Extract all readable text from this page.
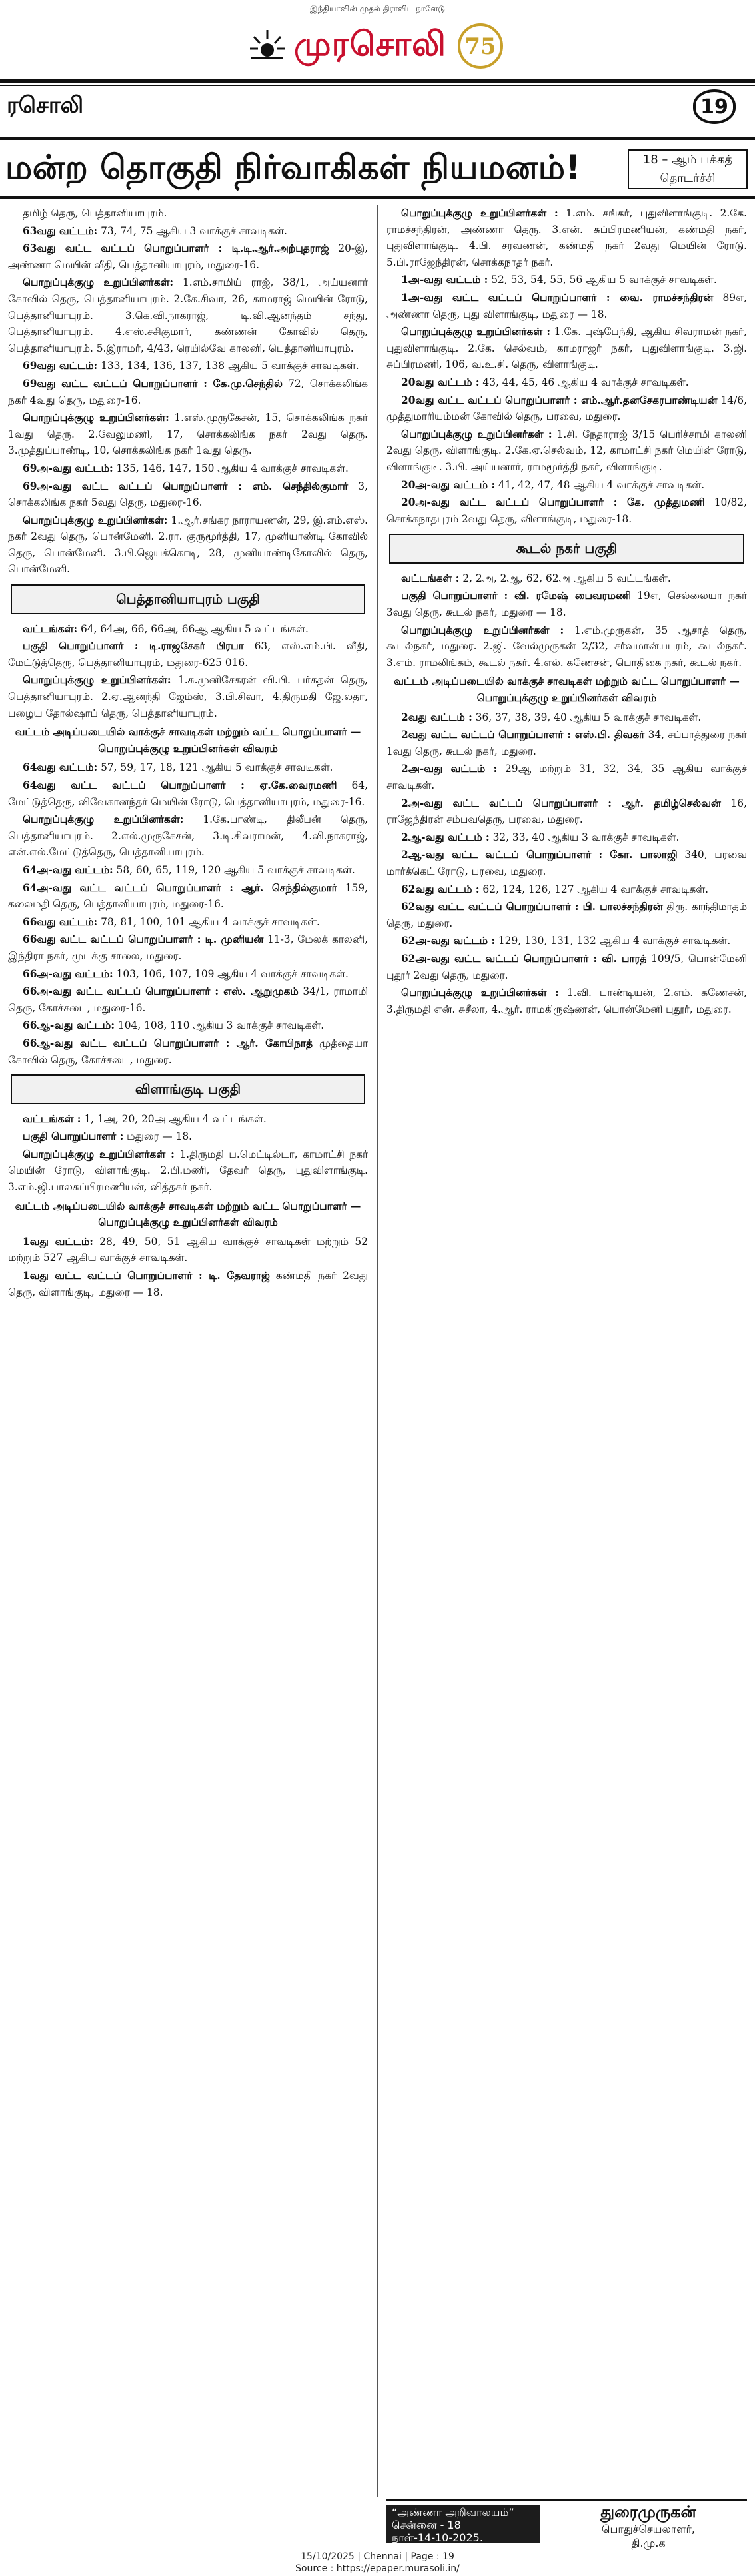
இந்தியாவின் முதல் திராவிட நாளேடு
முரசொலி 75
ரசொலி	19
மன்ற தொகுதி நிர்வாகிகள் நியமனம்!	18 – ஆம் பக்கத்
தொடர்ச்சி

தமிழ் தெரு, பெத்தானியாபுரம்.

63வது வட்டம்: 73, 74, 75 ஆகிய 3 வாக்குச் சாவடிகள்.

63வது வட்ட வட்டப் பொறுப்பாளர் : டி.டி.ஆர்.அற்புதராஜ் 20-இ, அண்ணா மெயின் வீதி, பெத்தானியாபுரம், மதுரை-16.

பொறுப்புக்குழு உறுப்பினர்கள்: 1.எம்.சாமிய் ராஜ், 38/1, அய்யனார் கோவில் தெரு, பெத்தானியாபுரம். 2.கே.சிவா, 26, காமராஜ் மெயின் ரோடு, பெத்தானியாபுரம். 3.கெ.வி.நாகராஜ், டி.வி.ஆனந்தம் சந்து, பெத்தானியாபுரம். 4.எஸ்.சசிகுமார், கண்ணன் கோவில் தெரு, பெத்தானியாபுரம். 5.இராமர், 4/43, ரெயில்வே காலனி, பெத்தானியாபுரம்.

69வது வட்டம்: 133, 134, 136, 137, 138 ஆகிய 5 வாக்குச் சாவடிகள்.

69வது வட்ட வட்டப் பொறுப்பாளர் : கே.மு.செந்தில் 72, சொக்கலிங்க நகர் 4வது தெரு, மதுரை-16.

பொறுப்புக்குழு உறுப்பினர்கள்: 1.எஸ்.முருகேசன், 15, சொக்கலிங்க நகர் 1வது தெரு. 2.வேலுமணி, 17, சொக்கலிங்க நகர் 2வது தெரு. 3.முத்துப்பாண்டி, 10, சொக்கலிங்க நகர் 1வது தெரு.

69அ-வது வட்டம்: 135, 146, 147, 150 ஆகிய 4 வாக்குச் சாவடிகள்.

69அ-வது வட்ட வட்டப் பொறுப்பாளர் : எம். செந்தில்குமார் 3, சொக்கலிங்க நகர் 5வது தெரு, மதுரை-16.

பொறுப்புக்குழு உறுப்பினர்கள்: 1.ஆர்.சங்கர நாராயணன், 29, இ.எம்.எஸ். நகர் 2வது தெரு, பொன்மேனி. 2.ரா. குருமூர்த்தி, 17, முனியாண்டி கோவில் தெரு, பொன்மேனி. 3.பி.ஜெயக்கொடி, 28, முனியாண்டிகோவில் தெரு, பொன்மேனி.

பெத்தானியாபுரம் பகுதி

வட்டங்கள்: 64, 64அ, 66, 66அ, 66ஆ ஆகிய 5 வட்டங்கள்.

பகுதி பொறுப்பாளர் : டி.ராஜசேகர் பிரபா 63, எஸ்.எம்.பி. வீதி, மேட்டுத்தெரு, பெத்தானியாபுரம், மதுரை-625 016.

பொறுப்புக்குழு உறுப்பினர்கள்: 1.சு.முனிசேகரன் வி.பி. பர்கதன் தெரு, பெத்தானியாபுரம். 2.ஏ.ஆனந்தி ஜேம்ஸ், 3.பி.சிவா, 4.திருமதி ஜே.லதா, பழைய தோல்ஷாப் தெரு, பெத்தானியாபுரம்.

வட்டம் அடிப்படையில் வாக்குச் சாவடிகள் மற்றும் வட்ட பொறுப்பாளர் — பொறுப்புக்குழு உறுப்பினர்கள் விவரம்

64வது வட்டம்: 57, 59, 17, 18, 121 ஆகிய 5 வாக்குச் சாவடிகள்.

64வது வட்ட வட்டப் பொறுப்பாளர் : ஏ.கே.வைரமணி 64, மேட்டுத்தெரு, விவேகானந்தர் மெயின் ரோடு, பெத்தானியாபுரம், மதுரை-16.

பொறுப்புக்குழு உறுப்பினர்கள்: 1.கே.பாண்டி, திலீபன் தெரு, பெத்தானியாபுரம். 2.எல்.முருகேசன், 3.டி.சிவராமன், 4.வி.நாகராஜ், என்.எல்.மேட்டுத்தெரு, பெத்தானியாபுரம்.

64அ-வது வட்டம்: 58, 60, 65, 119, 120 ஆகிய 5 வாக்குச் சாவடிகள்.

64அ-வது வட்ட வட்டப் பொறுப்பாளர் : ஆர். செந்தில்குமார் 159, கலைமதி தெரு, பெத்தானியாபுரம், மதுரை-16.

66வது வட்டம்: 78, 81, 100, 101 ஆகிய 4 வாக்குச் சாவடிகள்.

66வது வட்ட வட்டப் பொறுப்பாளர் : டி. முனியன் 11-3, மேலக் காலனி, இந்திரா நகர், முடக்கு சாலை, மதுரை.

66அ-வது வட்டம்: 103, 106, 107, 109 ஆகிய 4 வாக்குச் சாவடிகள்.

66அ-வது வட்ட வட்டப் பொறுப்பாளர் : எஸ். ஆறுமுகம் 34/1, ராமாமி தெரு, கோச்சடை, மதுரை-16.

66ஆ-வது வட்டம்: 104, 108, 110 ஆகிய 3 வாக்குச் சாவடிகள்.

66ஆ-வது வட்ட வட்டப் பொறுப்பாளர் : ஆர். கோபிநாத் முத்தையா கோவில் தெரு, கோச்சடை, மதுரை.

விளாங்குடி பகுதி

வட்டங்கள் : 1, 1அ, 20, 20அ ஆகிய 4 வட்டங்கள்.

பகுதி பொறுப்பாளர் : மதுரை — 18.

பொறுப்புக்குழு உறுப்பினர்கள் : 1.திருமதி ப.மெட்டில்டா, காமாட்சி நகர் மெயின் ரோடு, விளாங்குடி. 2.பி.மணி, தேவர் தெரு, புதுவிளாங்குடி. 3.எம்.ஜி.பாலசுப்பிரமணியன், வித்தகர் நகர்.

வட்டம் அடிப்படையில் வாக்குச் சாவடிகள் மற்றும் வட்ட பொறுப்பாளர் — பொறுப்புக்குழு உறுப்பினர்கள் விவரம்

1வது வட்டம்: 28, 49, 50, 51 ஆகிய வாக்குச் சாவடிகள் மற்றும் 52 மற்றும் 527 ஆகிய வாக்குச் சாவடிகள்.

1வது வட்ட வட்டப் பொறுப்பாளர் : டி. தேவராஜ் கண்மதி நகர் 2வது தெரு, விளாங்குடி, மதுரை — 18.

பொறுப்புக்குழு உறுப்பினர்கள் : 1.எம். சங்கர், புதுவிளாங்குடி. 2.கே. ராமச்சந்திரன், அண்ணா தெரு. 3.என். சுப்பிரமணியன், கண்மதி நகர், புதுவிளாங்குடி. 4.பி. சரவணன், கண்மதி நகர் 2வது மெயின் ரோடு. 5.பி.ராஜேந்திரன், சொக்கநாதர் நகர்.

1அ-வது வட்டம் : 52, 53, 54, 55, 56 ஆகிய 5 வாக்குச் சாவடிகள்.

1அ-வது வட்ட வட்டப் பொறுப்பாளர் : வை. ராமச்சந்திரன் 89எ, அண்ணா தெரு, புது விளாங்குடி, மதுரை — 18.

பொறுப்புக்குழு உறுப்பினர்கள் : 1.கே. புஷ்பேந்தி, ஆகிய சிவராமன் நகர், புதுவிளாங்குடி. 2.கே. செல்வம், காமராஜர் நகர், புதுவிளாங்குடி. 3.ஜி. சுப்பிரமணி, 106, வ.உ.சி. தெரு, விளாங்குடி.

20வது வட்டம் : 43, 44, 45, 46 ஆகிய 4 வாக்குச் சாவடிகள்.

20வது வட்ட வட்டப் பொறுப்பாளர் : எம்.ஆர்.தனசேகரபாண்டியன் 14/6, முத்துமாரியம்மன் கோவில் தெரு, பரவை, மதுரை.

பொறுப்புக்குழு உறுப்பினர்கள் : 1.சி. நேதாராஜ் 3/15 பெரிச்சாமி காலனி 2வது தெரு, விளாங்குடி. 2.கே.ஏ.செல்வம், 12, காமாட்சி நகர் மெயின் ரோடு, விளாங்குடி. 3.பி. அய்யனார், ராமமூர்த்தி நகர், விளாங்குடி.

20அ-வது வட்டம் : 41, 42, 47, 48 ஆகிய 4 வாக்குச் சாவடிகள்.

20அ-வது வட்ட வட்டப் பொறுப்பாளர் : கே. முத்துமணி 10/82, சொக்கநாதபுரம் 2வது தெரு, விளாங்குடி, மதுரை-18.

கூடல் நகர் பகுதி

வட்டங்கள் : 2, 2அ, 2ஆ, 62, 62அ ஆகிய 5 வட்டங்கள்.

பகுதி பொறுப்பாளர் : வி. ரமேஷ் பைவரமணி 19எ, செல்லையா நகர் 3வது தெரு, கூடல் நகர், மதுரை — 18.

பொறுப்புக்குழு உறுப்பினர்கள் : 1.எம்.முருகன், 35 ஆசாத் தெரு, கூடல்நகர், மதுரை. 2.ஜி. வேல்முருகன் 2/32, சர்வமான்யபுரம், கூடல்நகர். 3.எம். ராமலிங்கம், கூடல் நகர். 4.எல். கணேசன், பொதிகை நகர், கூடல் நகர்.

வட்டம் அடிப்படையில் வாக்குச் சாவடிகள் மற்றும் வட்ட பொறுப்பாளர் — பொறுப்புக்குழு உறுப்பினர்கள் விவரம்

2வது வட்டம் : 36, 37, 38, 39, 40 ஆகிய 5 வாக்குச் சாவடிகள்.

2வது வட்ட வட்டப் பொறுப்பாளர் : எஸ்.பி. திவகர் 34, சப்பாத்துரை நகர் 1வது தெரு, கூடல் நகர், மதுரை.

2அ-வது வட்டம் : 29ஆ மற்றும் 31, 32, 34, 35 ஆகிய வாக்குச் சாவடிகள்.

2அ-வது வட்ட வட்டப் பொறுப்பாளர் : ஆர். தமிழ்செல்வன் 16, ராஜேந்திரன் சம்பவதெரு, பரவை, மதுரை.

2ஆ-வது வட்டம் : 32, 33, 40 ஆகிய 3 வாக்குச் சாவடிகள்.

2ஆ-வது வட்ட வட்டப் பொறுப்பாளர் : கோ. பாலாஜி 340, பரவை மார்க்கெட் ரோடு, பரவை, மதுரை.

62வது வட்டம் : 62, 124, 126, 127 ஆகிய 4 வாக்குச் சாவடிகள்.

62வது வட்ட வட்டப் பொறுப்பாளர் : பி. பாலச்சந்திரன் திரு. காந்திமாதம் தெரு, மதுரை.

62அ-வது வட்டம் : 129, 130, 131, 132 ஆகிய 4 வாக்குச் சாவடிகள்.

62அ-வது வட்ட வட்டப் பொறுப்பாளர் : வி. பாரத் 109/5, பொன்மேனி புதூர் 2வது தெரு, மதுரை.

பொறுப்புக்குழு உறுப்பினர்கள் : 1.வி. பாண்டியன், 2.எம். கணேசன், 3.திருமதி என். சுசீலா, 4.ஆர். ராமகிருஷ்ணன், பொன்மேனி புதூர், மதுரை.

“அண்ணா அறிவாலயம்”
சென்னை - 18
நாள்-14-10-2025.
துரைமுருகன்
பொதுச்செயலாளர்,
தி.மு.க
15/10/2025 | Chennai | Page : 19
Source : https://epaper.murasoli.in/
